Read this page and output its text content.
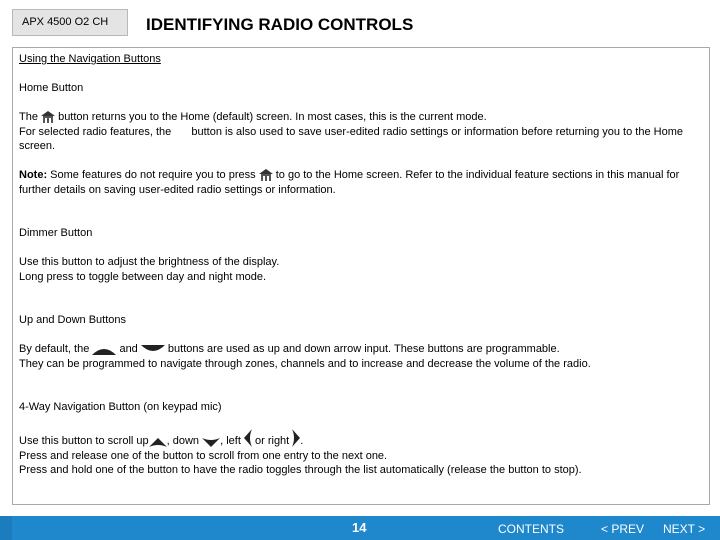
APX 4500 O2 CH	IDENTIFYING RADIO CONTROLS

Using the Navigation Buttons

Home Button

The
button returns you to the Home (default) screen. In most cases, this is the current mode.

For selected radio features, the
button is also used to save user-edited radio settings or information before returning you to the Home screen.

Note: Some features do not require you to press
to go to the Home screen. Refer to the individual feature sections in this manual for further details on saving user-edited radio settings or information.

Dimmer Button

Use this button to adjust the brightness of the display.

Long press to toggle between day and night mode.

Up and Down Buttons

By default, the
and
buttons are used as up and down arrow input. These buttons are programmable.

They can be programmed to navigate through zones, channels and to increase and decrease the volume of the radio.

4-Way Navigation Button (on keypad mic)

Use this button to scroll up , down
, left
or right
.

Press and release one of the button to scroll from one entry to the next one.

Press and hold one of the button to have the radio toggles through the list automatically (release the button to stop).

14	CONTENTS	< PREV NEXT >
